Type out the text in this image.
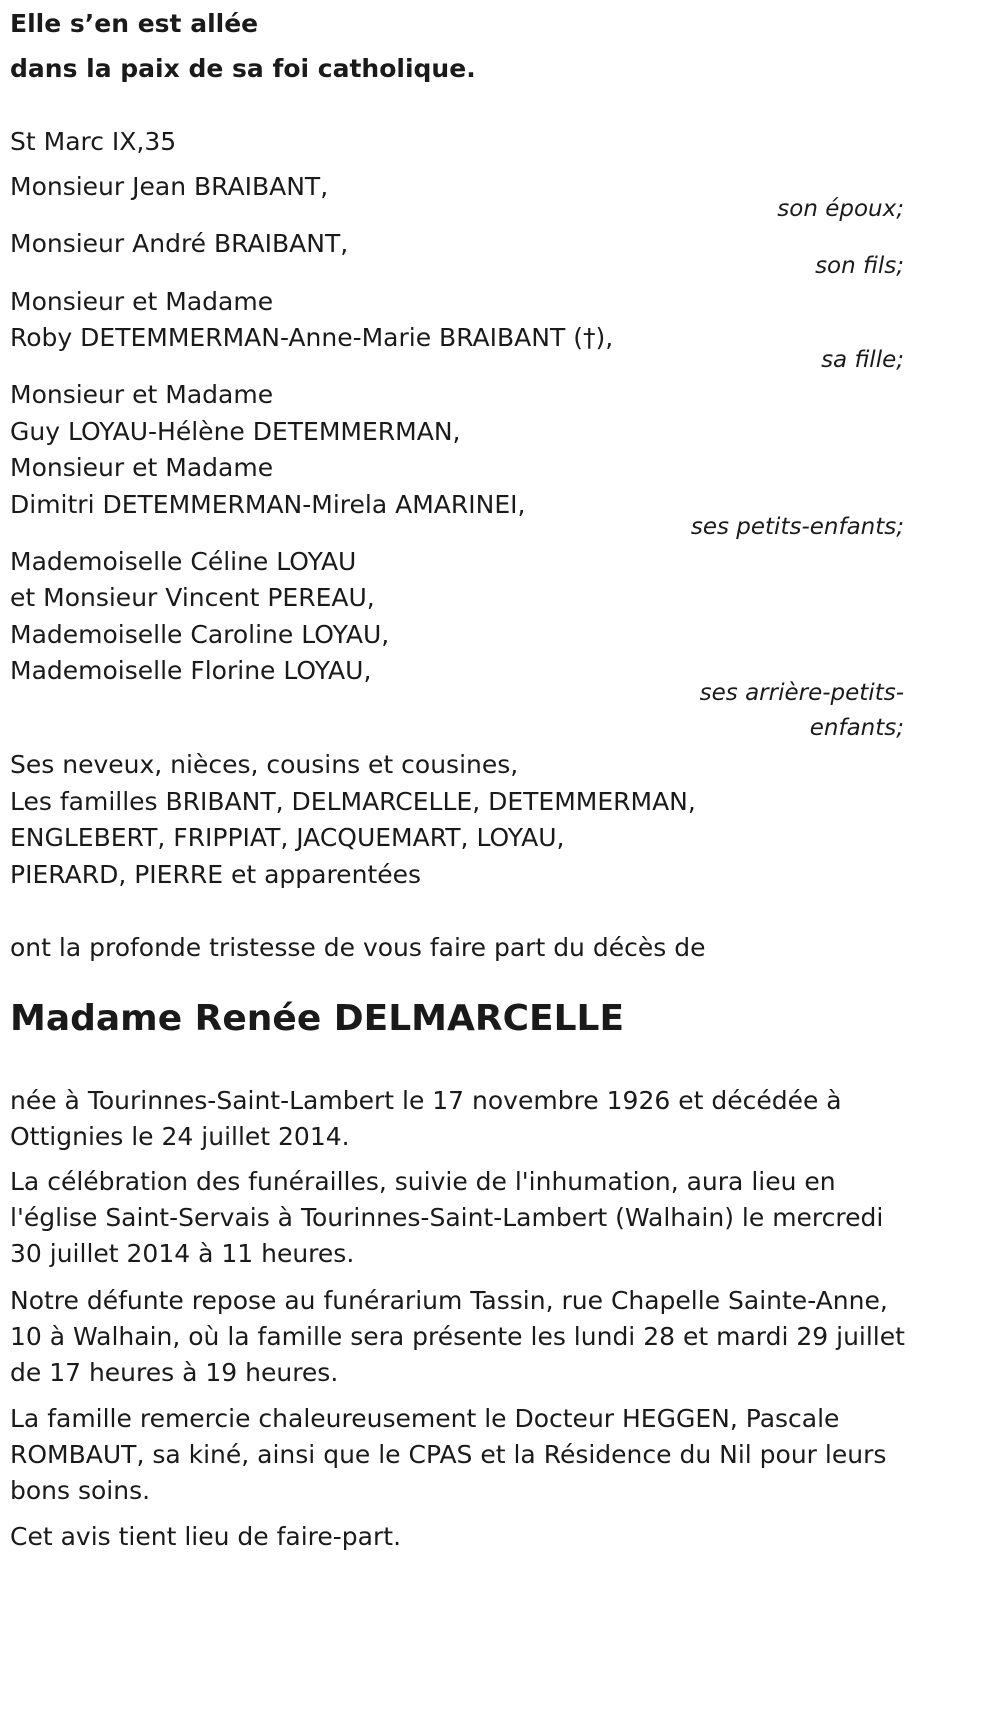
Elle s’en est allée
dans la paix de sa foi catholique.
St Marc IX,35
Monsieur Jean BRAIBANT,
son époux;
Monsieur André BRAIBANT,
son fils;
Monsieur et Madame
Roby DETEMMERMAN-Anne-Marie BRAIBANT (†),
sa fille;
Monsieur et Madame
Guy LOYAU-Hélène DETEMMERMAN,
Monsieur et Madame
Dimitri DETEMMERMAN-Mirela AMARINEI,
ses petits-enfants;
Mademoiselle Céline LOYAU
et Monsieur Vincent PEREAU,
Mademoiselle Caroline LOYAU,
Mademoiselle Florine LOYAU,
ses arrière-petits-
enfants;
Ses neveux, nièces, cousins et cousines,
Les familles BRIBANT, DELMARCELLE, DETEMMERMAN,
ENGLEBERT, FRIPPIAT, JACQUEMART, LOYAU,
PIERARD, PIERRE et apparentées
ont la profonde tristesse de vous faire part du décès de
Madame Renée DELMARCELLE
née à Tourinnes-Saint-Lambert le 17 novembre 1926 et décédée à Ottignies le 24 juillet 2014.
La célébration des funérailles, suivie de l'inhumation, aura lieu en l'église Saint-Servais à Tourinnes-Saint-Lambert (Walhain) le mercredi 30 juillet 2014 à 11 heures.
Notre défunte repose au funérarium Tassin, rue Chapelle Sainte-Anne, 10 à Walhain, où la famille sera présente les lundi 28 et mardi 29 juillet de 17 heures à 19 heures.
La famille remercie chaleureusement le Docteur HEGGEN, Pascale ROMBAUT, sa kiné, ainsi que le CPAS et la Résidence du Nil pour leurs bons soins.
Cet avis tient lieu de faire-part.
